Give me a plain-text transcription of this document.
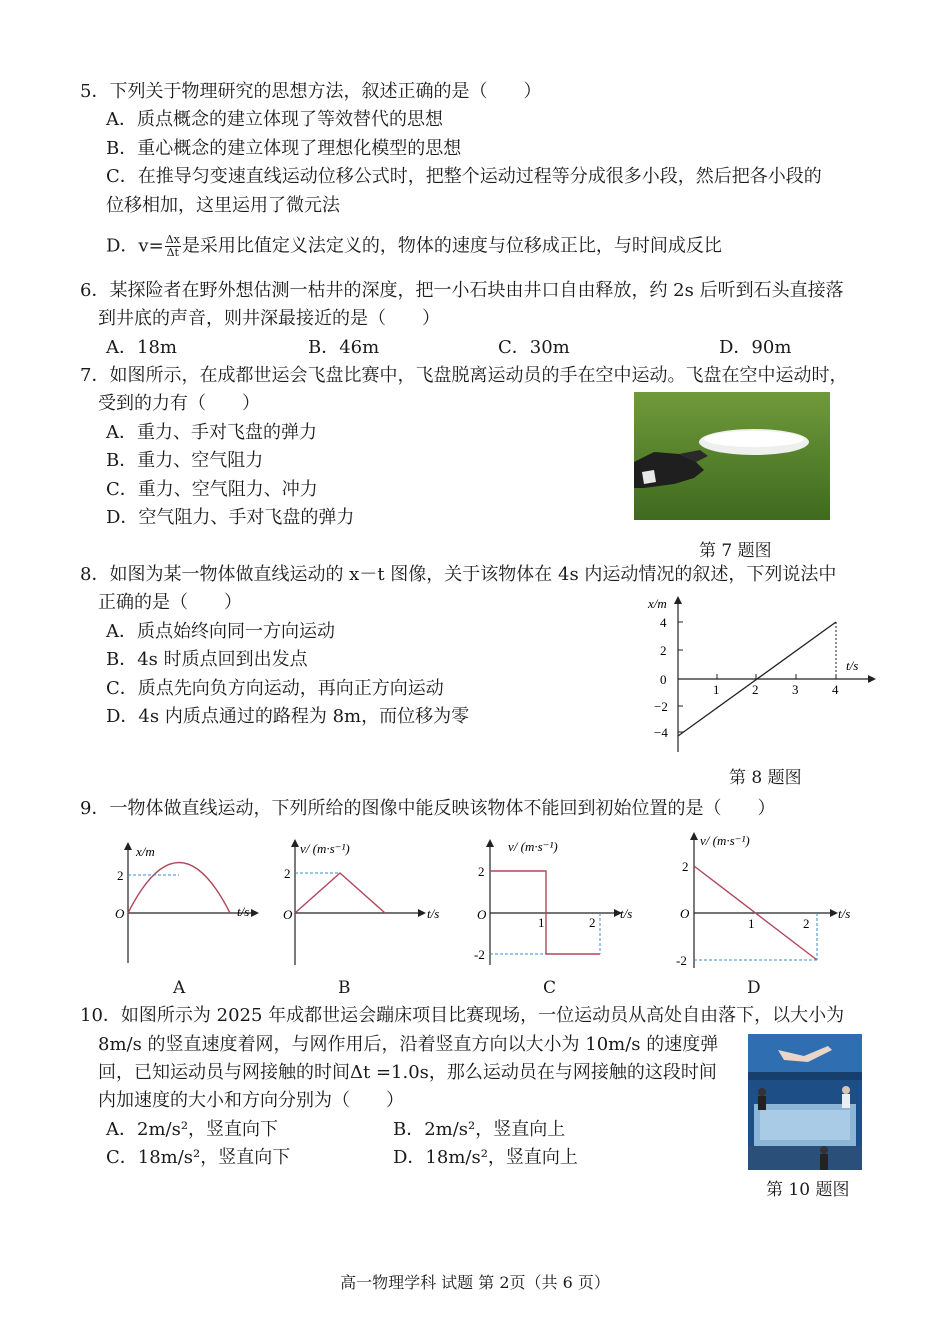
5．下列关于物理研究的思想方法，叙述正确的是（　　）
A．质点概念的建立体现了等效替代的思想
B．重心概念的建立体现了理想化模型的思想
C．在推导匀变速直线运动位移公式时，把整个运动过程等分成很多小段，然后把各小段的
位移相加，这里运用了微元法
D．$v= \frac{\Delta x}{\Delta t}$ 是采用比值定义法定义的，物体的速度与位移成正比，与时间成反比
6．某探险者在野外想估测一枯井的深度，把一小石块由井口自由释放，约 2s 后听到石头直接落
到井底的声音，则井深最接近的是（　　）
A．18m	B．46m	C．30m	D．90m
7．如图所示，在成都世运会飞盘比赛中，飞盘脱离运动员的手在空中运动。飞盘在空中运动时，
受到的力有（　　）
A．重力、手对飞盘的弹力
B．重力、空气阻力
C．重力、空气阻力、冲力
D．空气阻力、手对飞盘的弹力
第 7 题图
8．如图为某一物体做直线运动的 x－t 图像，关于该物体在 4s 内运动情况的叙述，下列说法中
正确的是（　　）
A．质点始终向同一方向运动
B．4s 时质点回到出发点
C．质点先向负方向运动，再向正方向运动
D．4s 内质点通过的路程为 8m，而位移为零
x/m
t/s
4
2
0
−2
−4
1	2	3	4
第 8 题图
9．一物体做直线运动，下列所给的图像中能反映该物体不能回到初始位置的是（　　）
x/m
t/s
O
2
A
v/ (m·s⁻¹)
t/s
O
2
B
v/ (m·s⁻¹)
t/s
O
2
-2
1	2
C
v/ (m·s⁻¹)
t/s
O
2
-2
1	2
D
10．如图所示为 2025 年成都世运会蹦床项目比赛现场，一位运动员从高处自由落下，以大小为
8m/s 的竖直速度着网，与网作用后，沿着竖直方向以大小为 10m/s 的速度弹
回，已知运动员与网接触的时间Δt =1.0s，那么运动员在与网接触的这段时间
内加速度的大小和方向分别为（　　）
A．2m/s²，竖直向下	B．2m/s²，竖直向上
C．18m/s²，竖直向下	D．18m/s²，竖直向上
第 10 题图
高一物理学科 试题 第 2页（共 6 页）
